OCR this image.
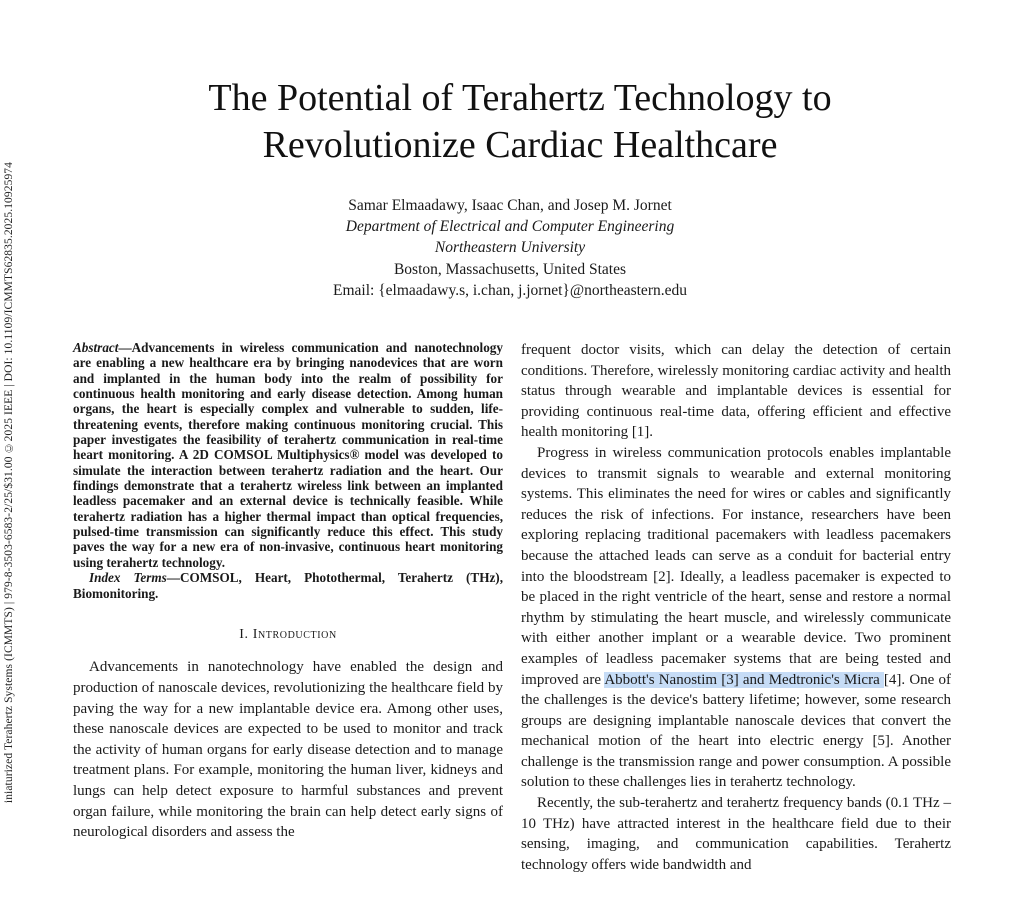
iniaturized Terahertz Systems (ICMMTS) | 979-8-3503-6583-2/25/$31.00 ©2025 IEEE | DOI: 10.1109/ICMMTS62835.2025.10925974
The Potential of Terahertz Technology to
Revolutionize Cardiac Healthcare
Samar Elmaadawy, Isaac Chan, and Josep M. Jornet
Department of Electrical and Computer Engineering
Northeastern University
Boston, Massachusetts, United States
Email: {elmaadawy.s, i.chan, j.jornet}@northeastern.edu

Abstract—Advancements in wireless communication and nanotechnology are enabling a new healthcare era by bringing nanodevices that are worn and implanted in the human body into the realm of possibility for continuous health monitoring and early disease detection. Among human organs, the heart is especially complex and vulnerable to sudden, life-threatening events, therefore making continuous monitoring crucial. This paper investigates the feasibility of terahertz communication in real-time heart monitoring. A 2D COMSOL Multiphysics® model was developed to simulate the interaction between terahertz radiation and the heart. Our findings demonstrate that a terahertz wireless link between an implanted leadless pacemaker and an external device is technically feasible. While terahertz radiation has a higher thermal impact than optical frequencies, pulsed-time transmission can significantly reduce this effect. This study paves the way for a new era of non-invasive, continuous heart monitoring using terahertz technology.

Index Terms—COMSOL, Heart, Photothermal, Terahertz (THz), Biomonitoring.

I. Introduction

Advancements in nanotechnology have enabled the design and production of nanoscale devices, revolutionizing the healthcare field by paving the way for a new implantable device era. Among other uses, these nanoscale devices are expected to be used to monitor and track the activity of human organs for early disease detection and to manage treatment plans. For example, monitoring the human liver, kidneys and lungs can help detect exposure to harmful substances and prevent organ failure, while monitoring the brain can help detect early signs of neurological disorders and assess the

frequent doctor visits, which can delay the detection of certain conditions. Therefore, wirelessly monitoring cardiac activity and health status through wearable and implantable devices is essential for providing continuous real-time data, offering efficient and effective health monitoring [1].

Progress in wireless communication protocols enables implantable devices to transmit signals to wearable and external monitoring systems. This eliminates the need for wires or cables and significantly reduces the risk of infections. For instance, researchers have been exploring replacing traditional pacemakers with leadless pacemakers because the attached leads can serve as a conduit for bacterial entry into the bloodstream [2]. Ideally, a leadless pacemaker is expected to be placed in the right ventricle of the heart, sense and restore a normal rhythm by stimulating the heart muscle, and wirelessly communicate with either another implant or a wearable device. Two prominent examples of leadless pacemaker systems that are being tested and improved are Abbott's Nanostim [3] and Medtronic's Micra [4]. One of the challenges is the device's battery lifetime; however, some research groups are designing implantable nanoscale devices that convert the mechanical motion of the heart into electric energy [5]. Another challenge is the transmission range and power consumption. A possible solution to these challenges lies in terahertz technology.

Recently, the sub-terahertz and terahertz frequency bands (0.1 THz – 10 THz) have attracted interest in the healthcare field due to their sensing, imaging, and communication capabilities. Terahertz technology offers wide bandwidth and
